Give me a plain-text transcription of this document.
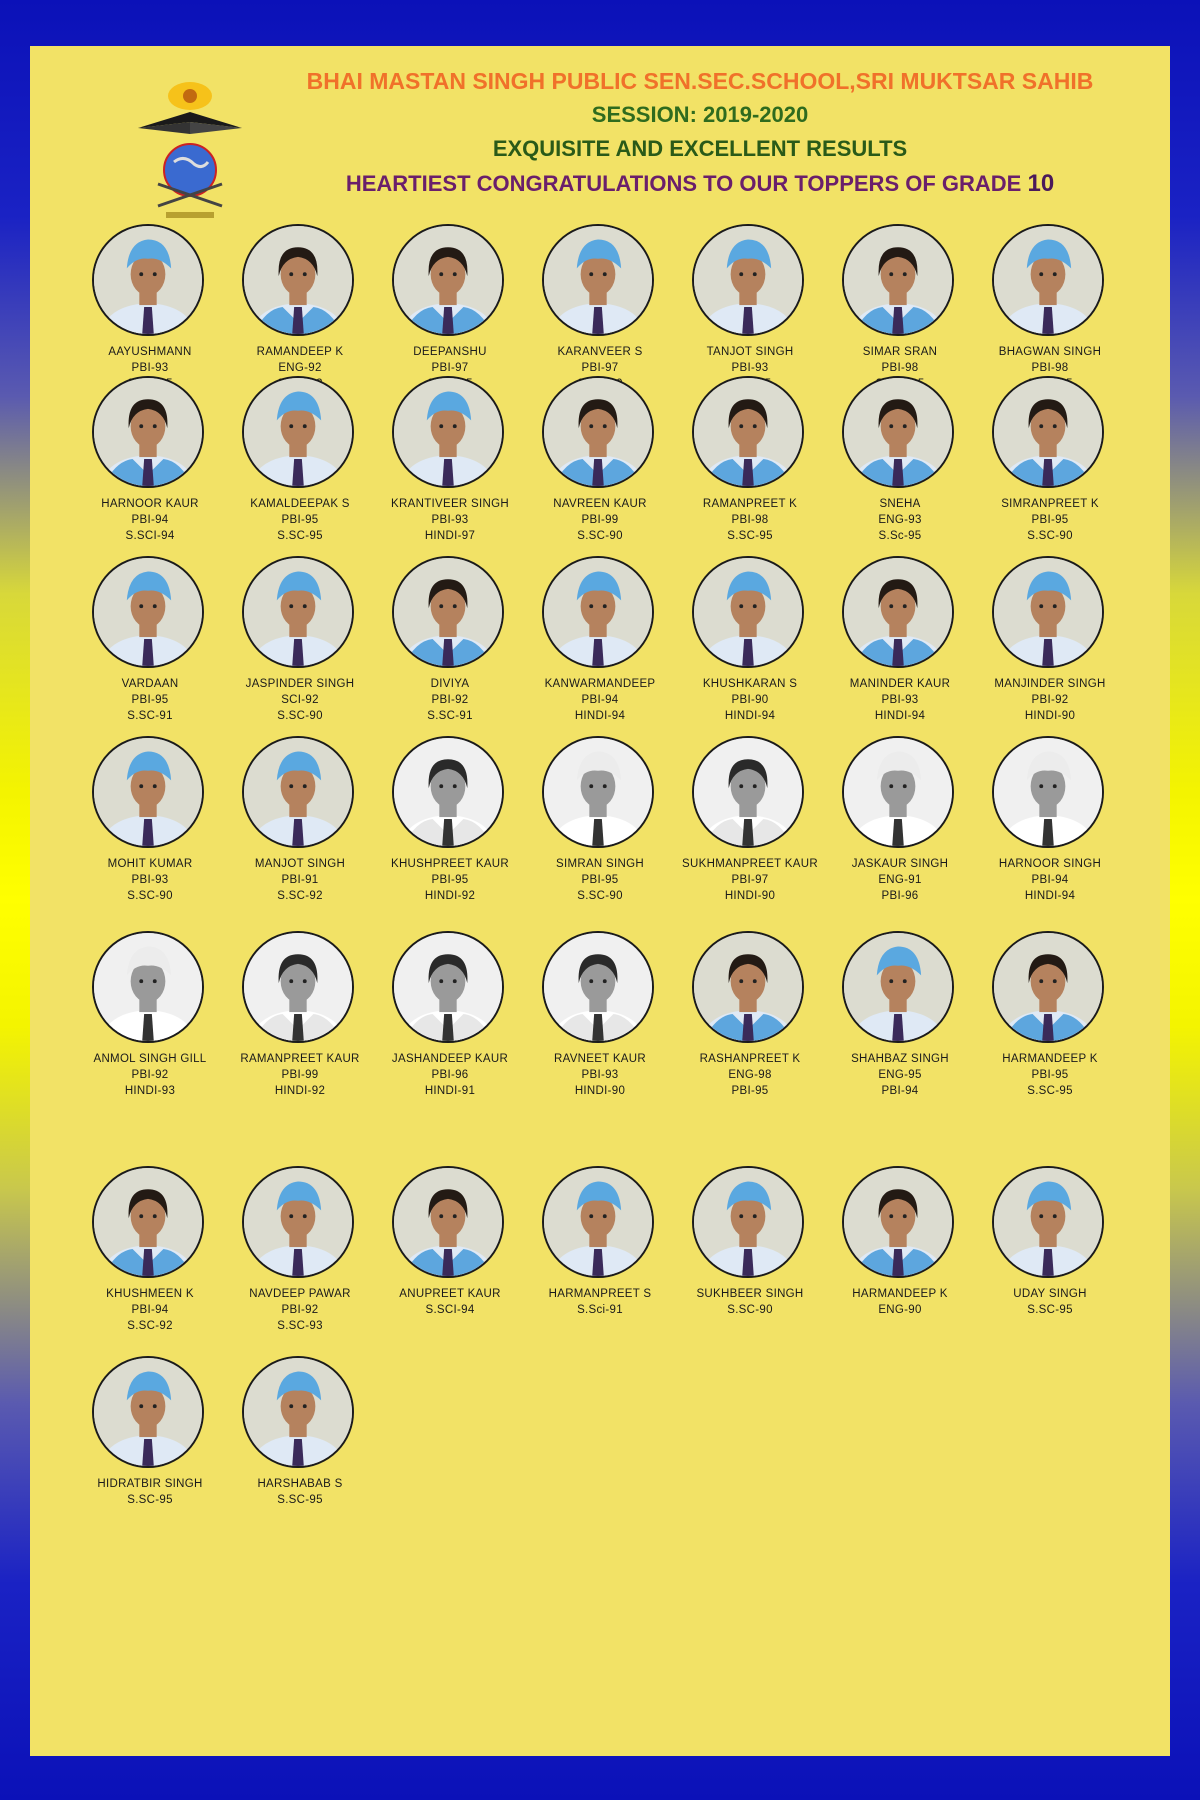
BHAI MASTAN SINGH PUBLIC SEN.SEC.SCHOOL,SRI MUKTSAR SAHIB
SESSION: 2019-2020
EXQUISITE AND EXCELLENT RESULTS
HEARTIEST CONGRATULATIONS TO OUR TOPPERS OF GRADE 10
AAYUSHMANN
PBI-93
RAMANDEEP K
ENG-92
DEEPANSHU
PBI-97
KARANVEER S
PBI-97
TANJOT SINGH
PBI-93
SIMAR SRAN
PBI-98
BHAGWAN SINGH
PBI-98
HARNOOR KAUR
PBI-94
S.SCI-94
KAMALDEEPAK S
PBI-95
S.SC-95
KRANTIVEER SINGH
PBI-93
HINDI-97
NAVREEN KAUR
PBI-99
S.SC-90
RAMANPREET K
PBI-98
S.SC-95
SNEHA
ENG-93
S.Sc-95
SIMRANPREET K
PBI-95
S.SC-90
VARDAAN
PBI-95
S.SC-91
JASPINDER SINGH
SCI-92
S.SC-90
DIVIYA
PBI-92
S.SC-91
KANWARMANDEEP
PBI-94
HINDI-94
KHUSHKARAN S
PBI-90
HINDI-94
MANINDER KAUR
PBI-93
HINDI-94
MANJINDER SINGH
PBI-92
HINDI-90
MOHIT KUMAR
PBI-93
S.SC-90
MANJOT SINGH
PBI-91
S.SC-92
KHUSHPREET KAUR
PBI-95
HINDI-92
SIMRAN SINGH
PBI-95
S.SC-90
SUKHMANPREET KAUR
PBI-97
HINDI-90
JASKAUR SINGH
ENG-91
PBI-96
HARNOOR SINGH
PBI-94
HINDI-94
ANMOL SINGH GILL
PBI-92
HINDI-93
RAMANPREET KAUR
PBI-99
HINDI-92
JASHANDEEP KAUR
PBI-96
HINDI-91
RAVNEET KAUR
PBI-93
HINDI-90
RASHANPREET K
ENG-98
PBI-95
SHAHBAZ SINGH
ENG-95
PBI-94
HARMANDEEP K
PBI-95
S.SC-95
KHUSHMEEN K
PBI-94
S.SC-92
NAVDEEP PAWAR
PBI-92
S.SC-93
ANUPREET KAUR
S.SCI-94
HARMANPREET S
S.Sci-91
SUKHBEER SINGH
S.SC-90
HARMANDEEP K
ENG-90
UDAY SINGH
S.SC-95
HIDRATBIR SINGH
S.SC-95
HARSHABAB S
S.SC-95
